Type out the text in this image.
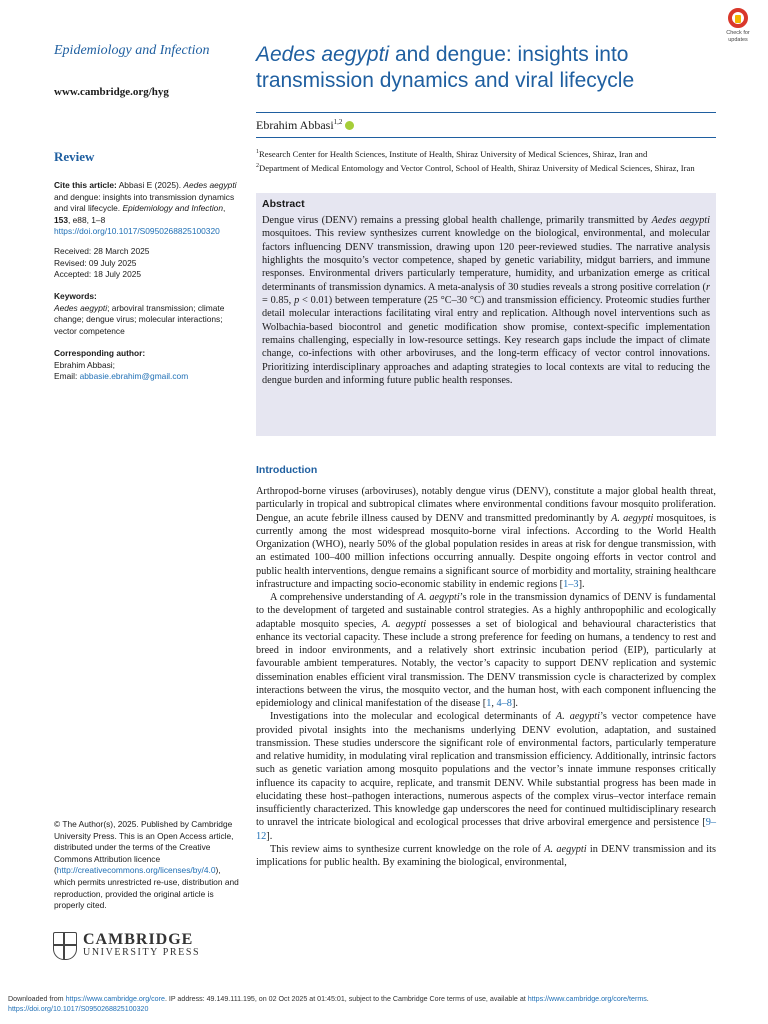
Epidemiology and Infection
www.cambridge.org/hyg
Review
Cite this article: Abbasi E (2025). Aedes aegypti and dengue: insights into transmission dynamics and viral lifecycle. Epidemiology and Infection, 153, e88, 1–8
https://doi.org/10.1017/S0950268825100320
Received: 28 March 2025
Revised: 09 July 2025
Accepted: 18 July 2025
Keywords:
Aedes aegypti; arboviral transmission; climate change; dengue virus; molecular interactions; vector competence
Corresponding author:
Ebrahim Abbasi;
Email: abbasie.ebrahim@gmail.com
© The Author(s), 2025. Published by Cambridge University Press. This is an Open Access article, distributed under the terms of the Creative Commons Attribution licence (http://creativecommons.org/licenses/by/4.0), which permits unrestricted re-use, distribution and reproduction, provided the original article is properly cited.
CAMBRIDGE
UNIVERSITY PRESS
Check for
updates
Aedes aegypti and dengue: insights into transmission dynamics and viral lifecycle
Ebrahim Abbasi$^{1,2}$
$^1$Research Center for Health Sciences, Institute of Health, Shiraz University of Medical Sciences, Shiraz, Iran and
$^2$Department of Medical Entomology and Vector Control, School of Health, Shiraz University of Medical Sciences, Shiraz, Iran
Abstract
Dengue virus (DENV) remains a pressing global health challenge, primarily transmitted by Aedes aegypti mosquitoes. This review synthesizes current knowledge on the biological, environmental, and molecular factors influencing DENV transmission, drawing upon 120 peer-reviewed studies. The narrative analysis highlights the mosquito’s vector competence, shaped by genetic variability, midgut barriers, and immune responses. Environmental drivers particularly temperature, humidity, and urbanization emerge as critical determinants of transmission dynamics. A meta-analysis of 30 studies reveals a strong positive correlation (r = 0.85, p < 0.01) between temperature (25 °C–30 °C) and transmission efficiency. Proteomic studies further detail molecular interactions facilitating viral entry and replication. Although novel interventions such as Wolbachia-based biocontrol and genetic modification show promise, context-specific implementation remains challenging, especially in low-resource settings. Key research gaps include the impact of climate change, co-infections with other arboviruses, and the long-term efficacy of vector control innovations. Prioritizing interdisciplinary approaches and adapting strategies to local contexts are vital to reducing the dengue burden and informing future public health responses.
Introduction

Arthropod-borne viruses (arboviruses), notably dengue virus (DENV), constitute a major global health threat, particularly in tropical and subtropical climates where environmental conditions favour mosquito proliferation. Dengue, an acute febrile illness caused by DENV and transmitted predominantly by A. aegypti mosquitoes, is currently among the most widespread mosquito-borne viral infections. According to the World Health Organization (WHO), nearly 50% of the global population resides in areas at risk for dengue transmission, with an estimated 100–400 million infections occurring annually. Despite ongoing efforts in vector control and public health interventions, dengue remains a significant source of morbidity and mortality, straining healthcare infrastructure and impacting socio-economic stability in endemic regions [1–3].

A comprehensive understanding of A. aegypti’s role in the transmission dynamics of DENV is fundamental to the development of targeted and sustainable control strategies. As a highly anthropophilic and ecologically adaptable mosquito species, A. aegypti possesses a set of biological and behavioural characteristics that enhance its vectorial capacity. These include a strong preference for feeding on humans, a tendency to rest and breed in indoor environments, and a relatively short extrinsic incubation period (EIP), particularly at favourable ambient temperatures. Notably, the vector’s capacity to support DENV replication and systemic dissemination enables efficient viral transmission. The DENV transmission cycle is characterized by complex interactions between the virus, the mosquito vector, and the human host, with each component influencing the epidemiology and clinical manifestation of the disease [1, 4–8].

Investigations into the molecular and ecological determinants of A. aegypti’s vector competence have provided pivotal insights into the mechanisms underlying DENV evolution, adaptation, and sustained transmission. These studies underscore the significant role of environmental factors, particularly temperature and relative humidity, in modulating viral replication and transmission efficiency. Additionally, intrinsic factors such as genetic variation among mosquito populations and the vector’s innate immune responses critically influence its capacity to acquire, replicate, and transmit DENV. While substantial progress has been made in elucidating these host–pathogen interactions, numerous aspects of the complex virus–vector interface remain insufficiently characterized. This knowledge gap underscores the need for continued multidisciplinary research to unravel the intricate biological and ecological processes that drive arboviral emergence and persistence [9–12].

This review aims to synthesize current knowledge on the role of A. aegypti in DENV transmission and its implications for public health. By examining the biological, environmental,

Downloaded from https://www.cambridge.org/core. IP address: 49.149.111.195, on 02 Oct 2025 at 01:45:01, subject to the Cambridge Core terms of use, available at https://www.cambridge.org/core/terms.
https://doi.org/10.1017/S0950268825100320
